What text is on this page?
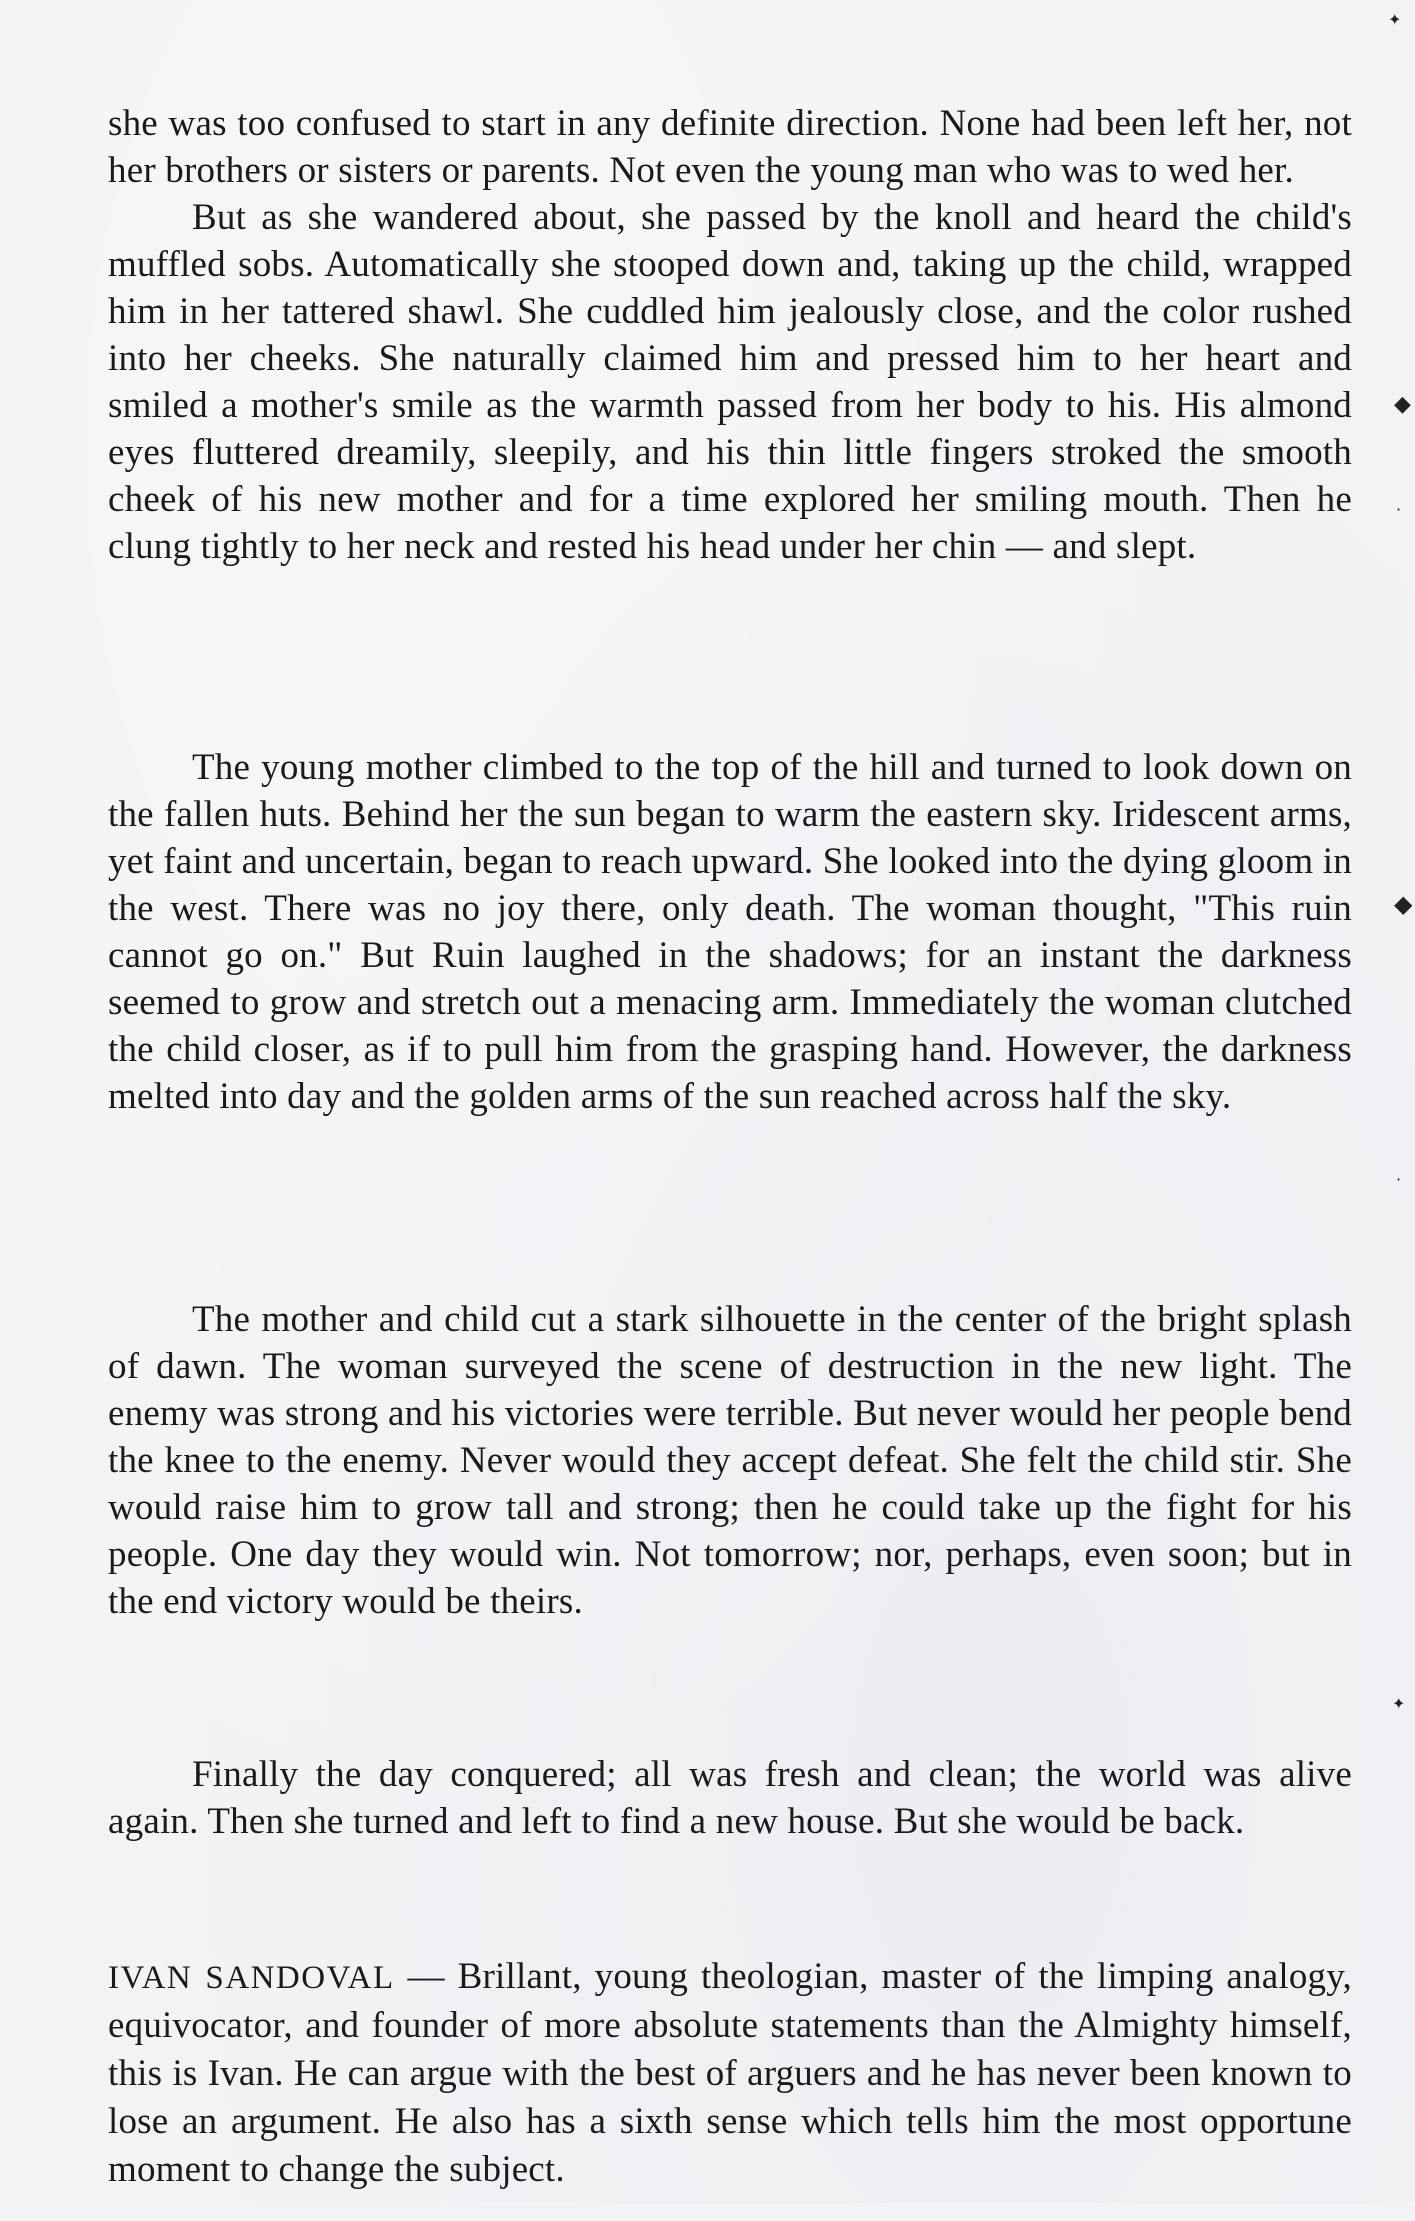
she was too confused to start in any definite direction. None had been left her, not her brothers or sisters or parents. Not even the young man who was to wed her.

But as she wandered about, she passed by the knoll and heard the child's muffled sobs. Automatically she stooped down and, taking up the child, wrapped him in her tattered shawl. She cuddled him jealously close, and the color rushed into her cheeks. She naturally claimed him and pressed him to her heart and smiled a mother's smile as the warmth passed from her body to his. His almond eyes fluttered dreamily, sleepily, and his thin little fingers stroked the smooth cheek of his new mother and for a time explored her smiling mouth. Then he clung tightly to her neck and rested his head under her chin — and slept.

The young mother climbed to the top of the hill and turned to look down on the fallen huts. Behind her the sun began to warm the eastern sky. Iridescent arms, yet faint and uncertain, began to reach upward. She looked into the dying gloom in the west. There was no joy there, only death. The woman thought, "This ruin cannot go on." But Ruin laughed in the shadows; for an instant the darkness seemed to grow and stretch out a menacing arm. Immediately the woman clutched the child closer, as if to pull him from the grasping hand. However, the darkness melted into day and the golden arms of the sun reached across half the sky.

The mother and child cut a stark silhouette in the center of the bright splash of dawn. The woman surveyed the scene of destruction in the new light. The enemy was strong and his victories were terrible. But never would her people bend the knee to the enemy. Never would they accept defeat. She felt the child stir. She would raise him to grow tall and strong; then he could take up the fight for his people. One day they would win. Not tomorrow; nor, perhaps, even soon; but in the end victory would be theirs.

Finally the day conquered; all was fresh and clean; the world was alive again. Then she turned and left to find a new house. But she would be back.

IVAN SANDOVAL — Brillant, young theologian, master of the limping analogy, equivocator, and founder of more absolute statements than the Almighty himself, this is Ivan. He can argue with the best of arguers and he has never been known to lose an argument. He also has a sixth sense which tells him the most opportune moment to change the subject.

✦
◆
·
◆
·
✦
